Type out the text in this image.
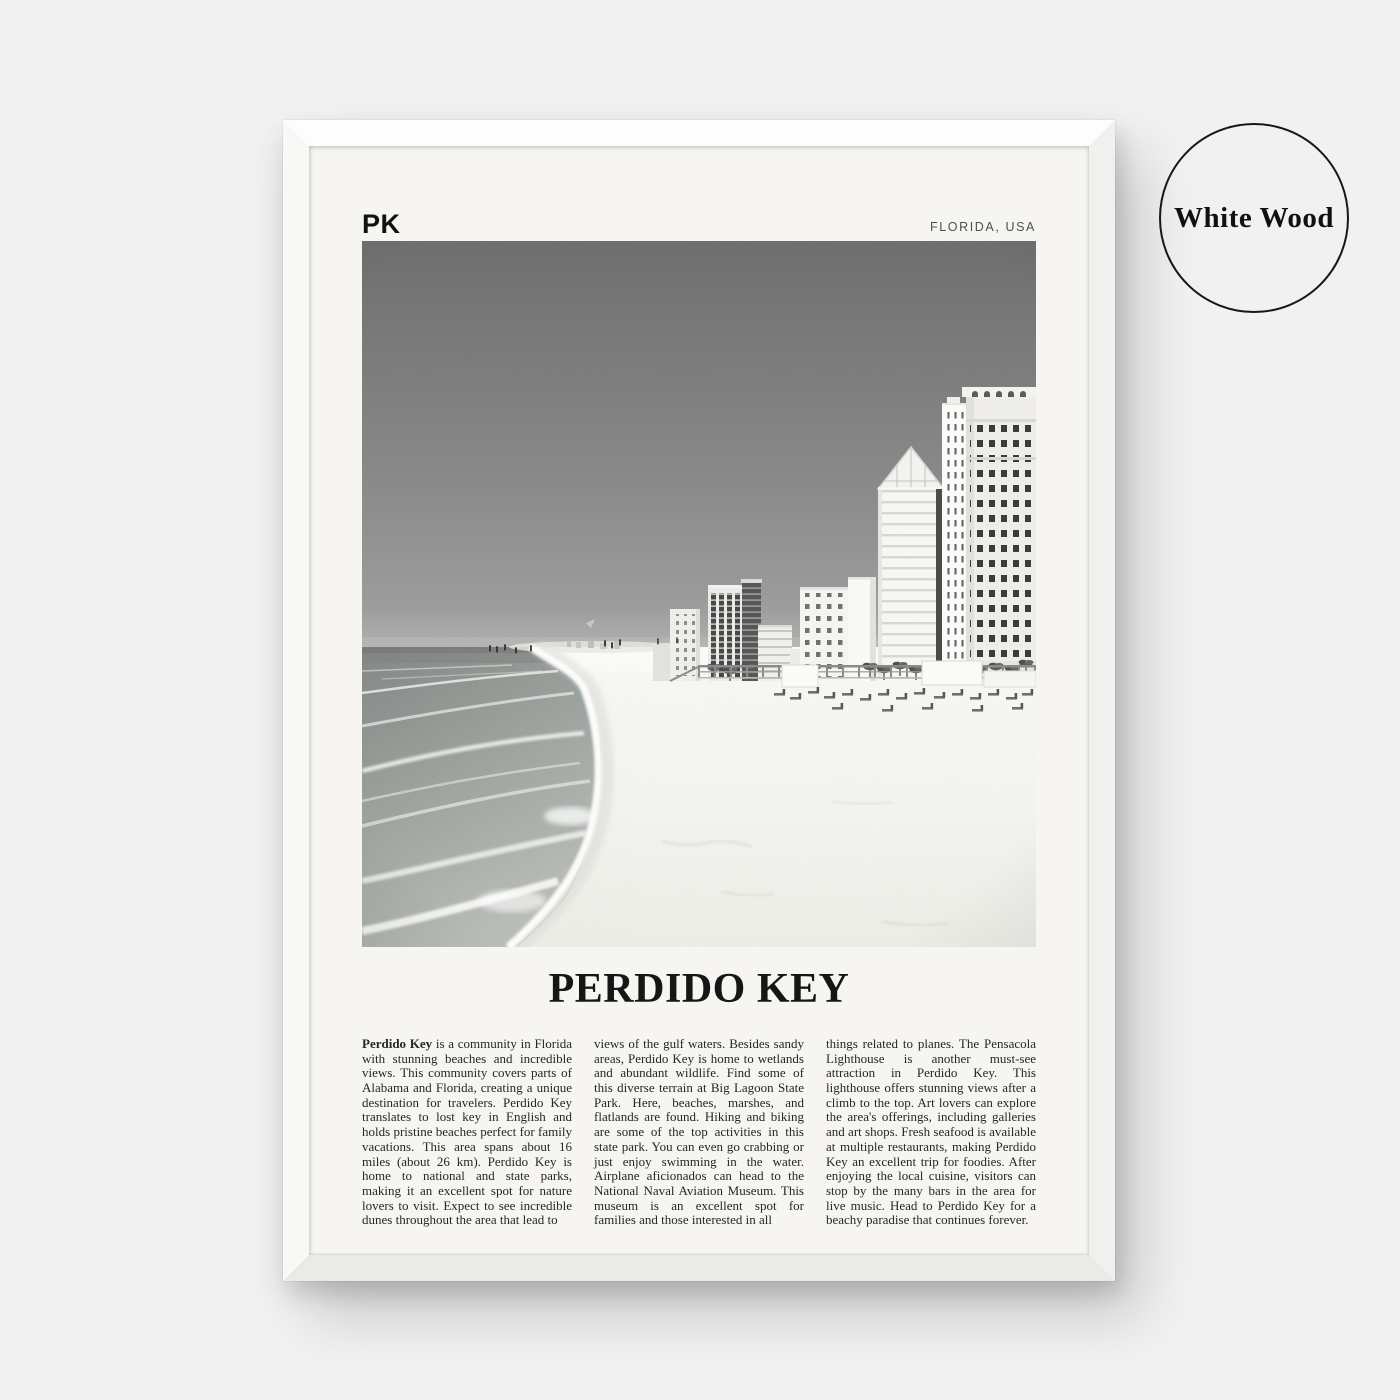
PK	FLORIDA, USA
PERDIDO KEY

Perdido Key is a community in Florida with stunning beaches and incredible views. This community covers parts of Alabama and Florida, creating a unique destination for travelers. Perdido Key translates to lost key in English and holds pristine beaches perfect for family vacations. This area spans about 16 miles (about 26 km). Perdido Key is home to national and state parks, making it an excellent spot for nature lovers to visit. Expect to see incredible dunes throughout the area that lead to

views of the gulf waters. Besides sandy areas, Perdido Key is home to wetlands and abundant wildlife. Find some of this diverse terrain at Big Lagoon State Park. Here, beaches, marshes, and flatlands are found. Hiking and biking are some of the top activities in this state park. You can even go crabbing or just enjoy swimming in the water. Airplane aficionados can head to the National Naval Aviation Museum. This museum is an excellent spot for families and those interested in all

things related to planes. The Pensacola Lighthouse is another must-see attraction in Perdido Key. This lighthouse offers stunning views after a climb to the top. Art lovers can explore the area's offerings, including galleries and art shops. Fresh seafood is available at multiple restaurants, making Perdido Key an excellent trip for foodies. After enjoying the local cuisine, visitors can stop by the many bars in the area for live music. Head to Perdido Key for a beachy paradise that continues forever.

White Wood
